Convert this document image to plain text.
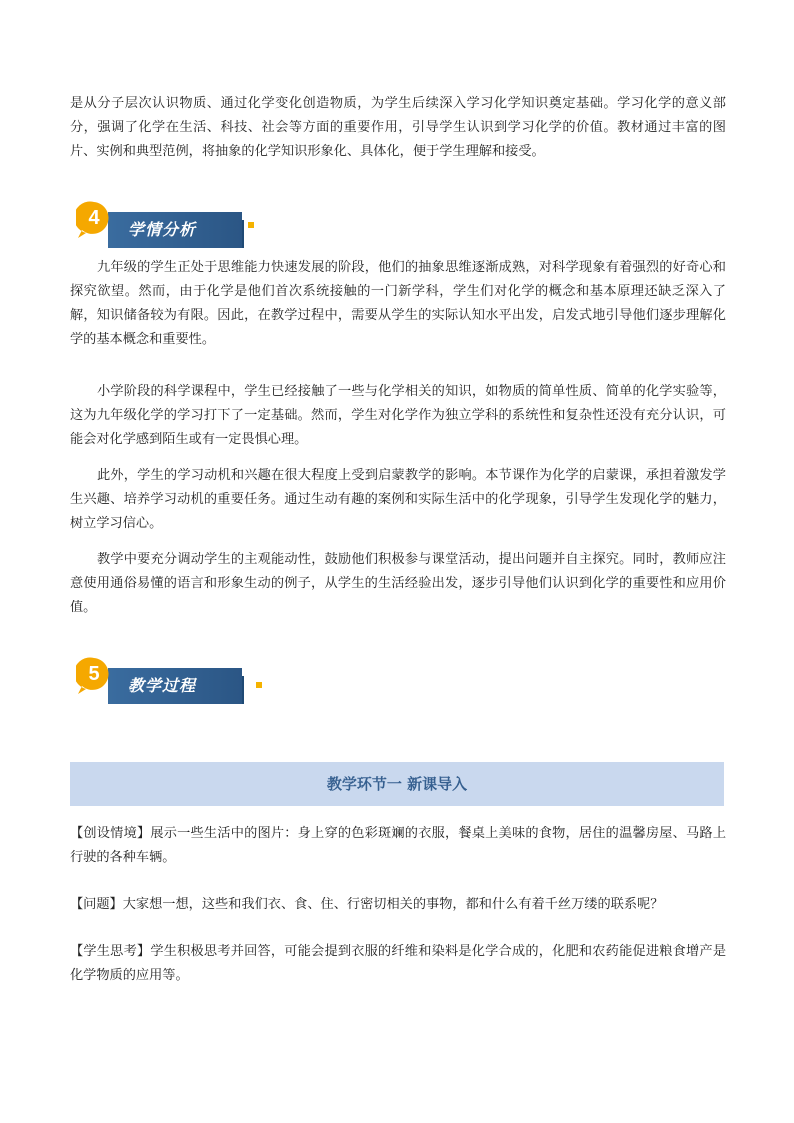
是从分子层次认识物质、通过化学变化创造物质，为学生后续深入学习化学知识奠定基础。学习化学的意义部分，强调了化学在生活、科技、社会等方面的重要作用，引导学生认识到学习化学的价值。教材通过丰富的图片、实例和典型范例，将抽象的化学知识形象化、具体化，便于学生理解和接受。

学情分析
4

九年级的学生正处于思维能力快速发展的阶段，他们的抽象思维逐渐成熟，对科学现象有着强烈的好奇心和探究欲望。然而，由于化学是他们首次系统接触的一门新学科，学生们对化学的概念和基本原理还缺乏深入了解，知识储备较为有限。因此，在教学过程中，需要从学生的实际认知水平出发，启发式地引导他们逐步理解化学的基本概念和重要性。

小学阶段的科学课程中，学生已经接触了一些与化学相关的知识，如物质的简单性质、简单的化学实验等，这为九年级化学的学习打下了一定基础。然而，学生对化学作为独立学科的系统性和复杂性还没有充分认识，可能会对化学感到陌生或有一定畏惧心理。

此外，学生的学习动机和兴趣在很大程度上受到启蒙教学的影响。本节课作为化学的启蒙课，承担着激发学生兴趣、培养学习动机的重要任务。通过生动有趣的案例和实际生活中的化学现象，引导学生发现化学的魅力，树立学习信心。

教学中要充分调动学生的主观能动性，鼓励他们积极参与课堂活动，提出问题并自主探究。同时，教师应注意使用通俗易懂的语言和形象生动的例子，从学生的生活经验出发，逐步引导他们认识到化学的重要性和应用价值。

教学过程
5
教学环节一 新课导入

【创设情境】展示一些生活中的图片：身上穿的色彩斑斓的衣服，餐桌上美味的食物，居住的温馨房屋、马路上行驶的各种车辆。

【问题】大家想一想，这些和我们衣、食、住、行密切相关的事物，都和什么有着千丝万缕的联系呢？

【学生思考】学生积极思考并回答，可能会提到衣服的纤维和染料是化学合成的，化肥和农药能促进粮食增产是化学物质的应用等。
